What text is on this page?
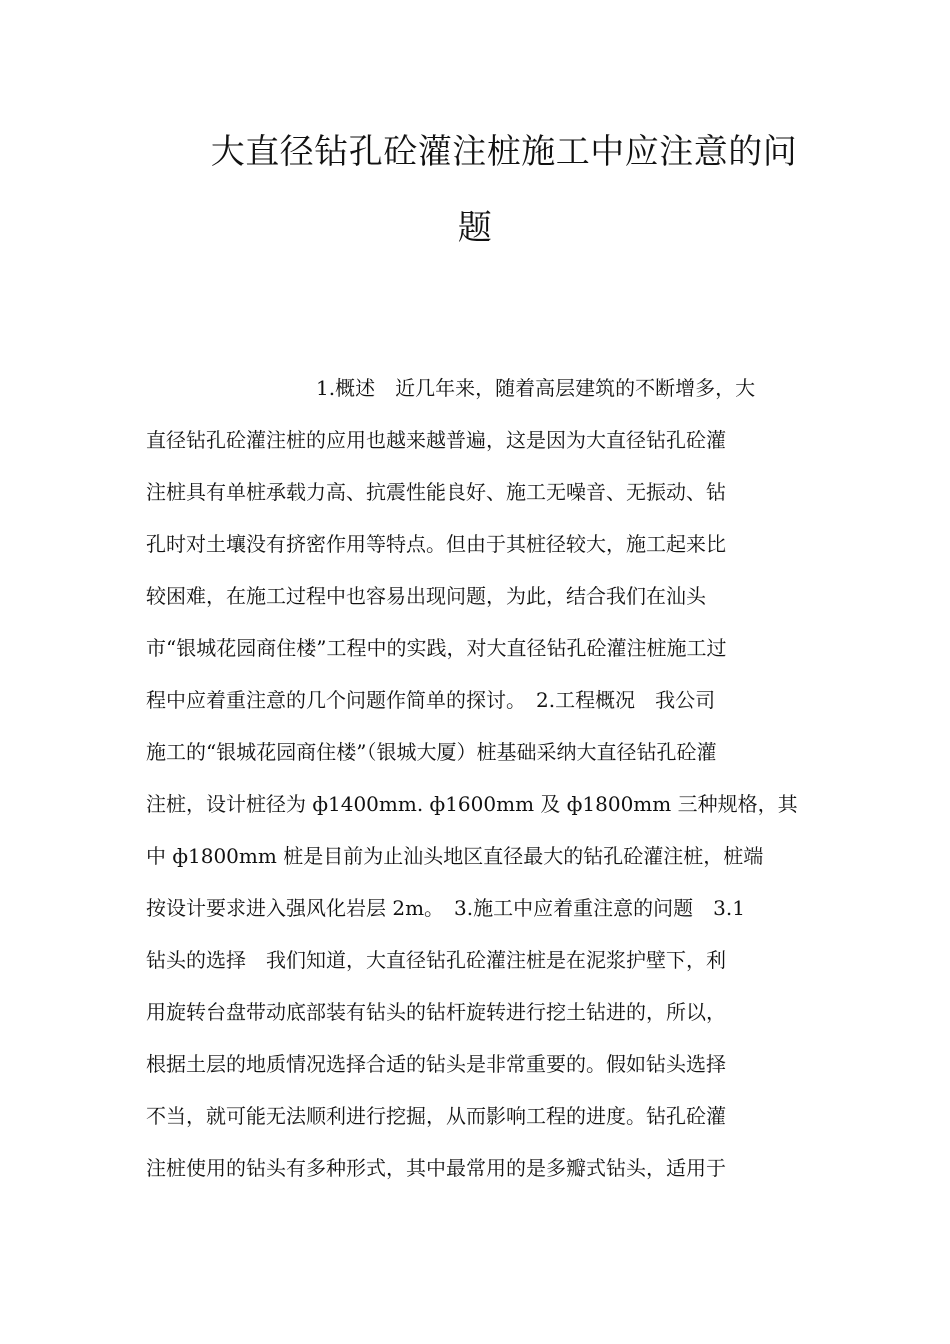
大直径钻孔砼灌注桩施工中应注意的问
题
1.概述　近几年来，随着高层建筑的不断增多，大
直径钻孔砼灌注桩的应用也越来越普遍，这是因为大直径钻孔砼灌
注桩具有单桩承载力高、抗震性能良好、施工无噪音、无振动、钻
孔时对土壤没有挤密作用等特点。但由于其桩径较大，施工起来比
较困难，在施工过程中也容易出现问题，为此，结合我们在汕头
市“银城花园商住楼”工程中的实践，对大直径钻孔砼灌注桩施工过
程中应着重注意的几个问题作简单的探讨。　2.工程概况　我公司
施工的“银城花园商住楼”（银城大厦）桩基础采纳大直径钻孔砼灌
注桩，设计桩径为 ф1400mm. ф1600mm 及 ф1800mm 三种规格，其
中 ф1800mm 桩是目前为止汕头地区直径最大的钻孔砼灌注桩，桩端
按设计要求进入强风化岩层 2m。　3.施工中应着重注意的问题　3.1
钻头的选择　我们知道，大直径钻孔砼灌注桩是在泥浆护壁下，利
用旋转台盘带动底部装有钻头的钻杆旋转进行挖土钻进的，所以，
根据土层的地质情况选择合适的钻头是非常重要的。假如钻头选择
不当，就可能无法顺利进行挖掘，从而影响工程的进度。钻孔砼灌
注桩使用的钻头有多种形式，其中最常用的是多瓣式钻头，适用于
